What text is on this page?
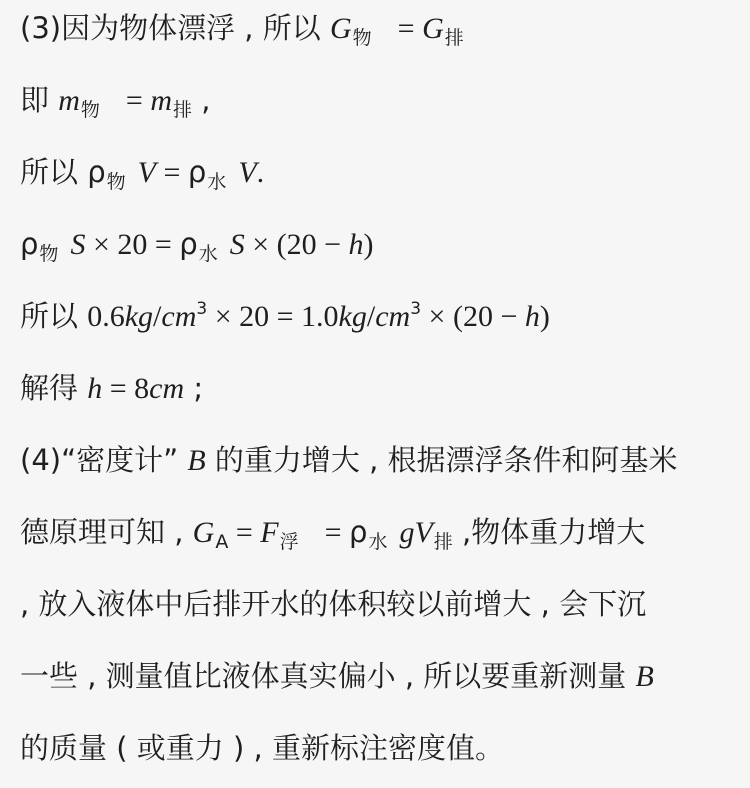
(3)因为物体漂浮 , 所以 $G_物 = G_排$
即 $m_物 = m_排$ ,
所以 $\rho_物$ $V = \rho_水$ V.
$\rho_物$ $S \times 20 = \rho_水$ S × (20 − h)
所以 $0.6kg/cm^3 \times 20 = 1.0kg/cm^3 \times (20 - h)$
解得 h = 8cm ;
(4)“密度计” B 的重力增大 , 根据漂浮条件和阿基米
德原理可知 , $G_A = F_浮 = \rho_水$ $gV_排$ ,物体重力增大
, 放入液体中后排开水的体积较以前增大 , 会下沉
一些 , 测量值比液体真实偏小 , 所以要重新测量 B
的质量 ( 或重力 ) , 重新标注密度值。
